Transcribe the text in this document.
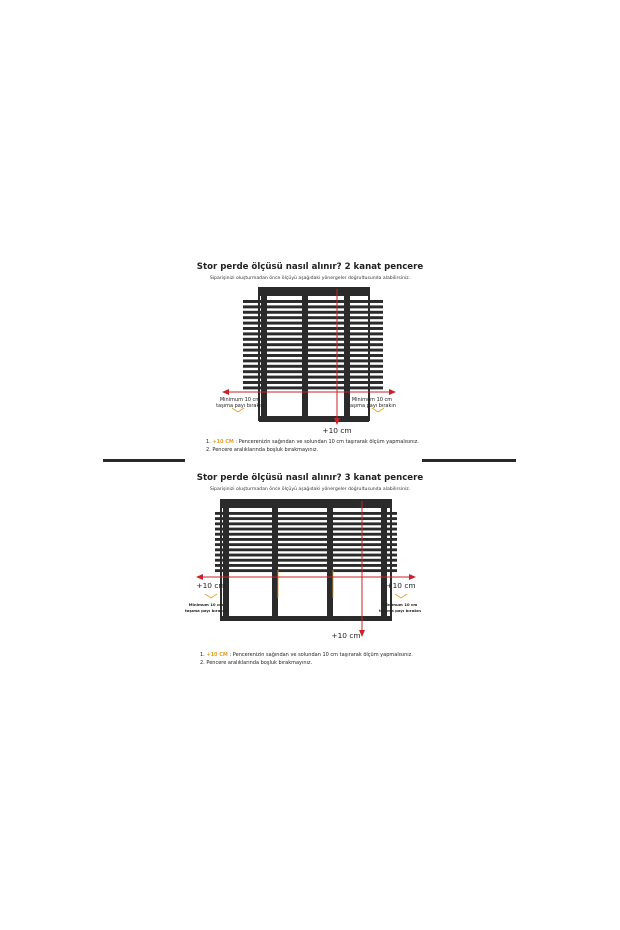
Stor perde ölçüsü nasıl alınır? 2 kanat pencere

Siparişinizi oluşturmadan önce ölçüyü aşağıdaki yönergeler doğrultusunda alabilirsiniz.

Minimum 10 cm
taşıma payı bırakın
Minimum 10 cm
taşıma payı bırakın
+10 cm
1. +10 CM : Pencerenizin sağından ve solundan 10 cm taşırarak ölçüm yapmalısınız.
2. Pencere aralıklarında boşluk bırakmayınız.

Stor perde ölçüsü nasıl alınır? 3 kanat pencere

Siparişinizi oluşturmadan önce ölçüyü aşağıdaki yönergeler doğrultusunda alabilirsiniz.

+10 cm	+10 cm
Minimum 10 cm
taşıma payı bırakın
Minimum 10 cm
taşıma payı bırakın
+10 cm
1. +10 CM : Pencerenizin sağından ve solundan 10 cm taşırarak ölçüm yapmalısınız.
2. Pencere aralıklarında boşluk bırakmayınız.
